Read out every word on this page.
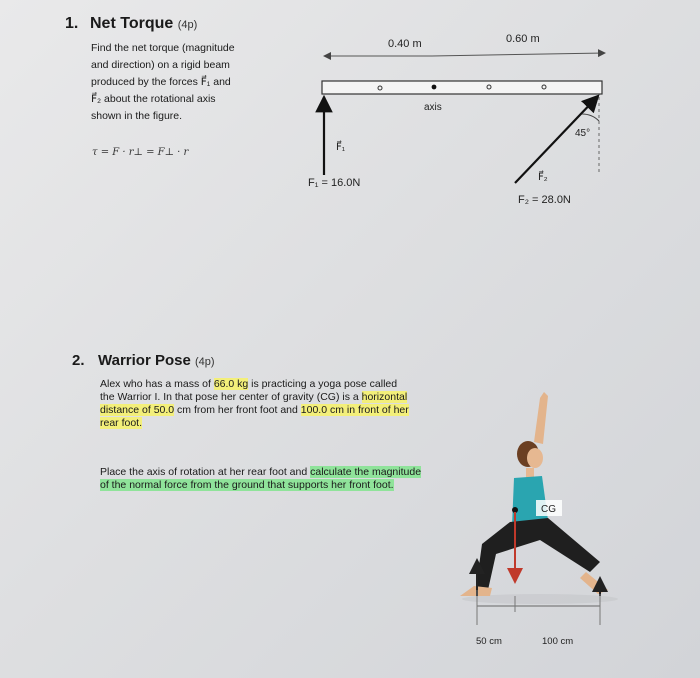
1. Net Torque (4p)
Find the net torque (magnitude
and direction) on a rigid beam
produced by the forces F⃗₁ and
F⃗₂ about the rotational axis
shown in the figure.
τ = F · r⊥ = F⊥ · r
0.40 m	0.60 m
axis
F⃗₁
F₁ = 16.0N
45°
F⃗₂
F₂ = 28.0N
2. Warrior Pose (4p)
Alex who has a mass of 66.0 kg is practicing a yoga pose called the Warrior I. In that pose her center of gravity (CG) is a horizontal distance of 50.0 cm from her front foot and 100.0 cm in front of her rear foot.
Place the axis of rotation at her rear foot and calculate the magnitude of the normal force from the ground that supports her front foot.
CG
50 cm	100 cm
